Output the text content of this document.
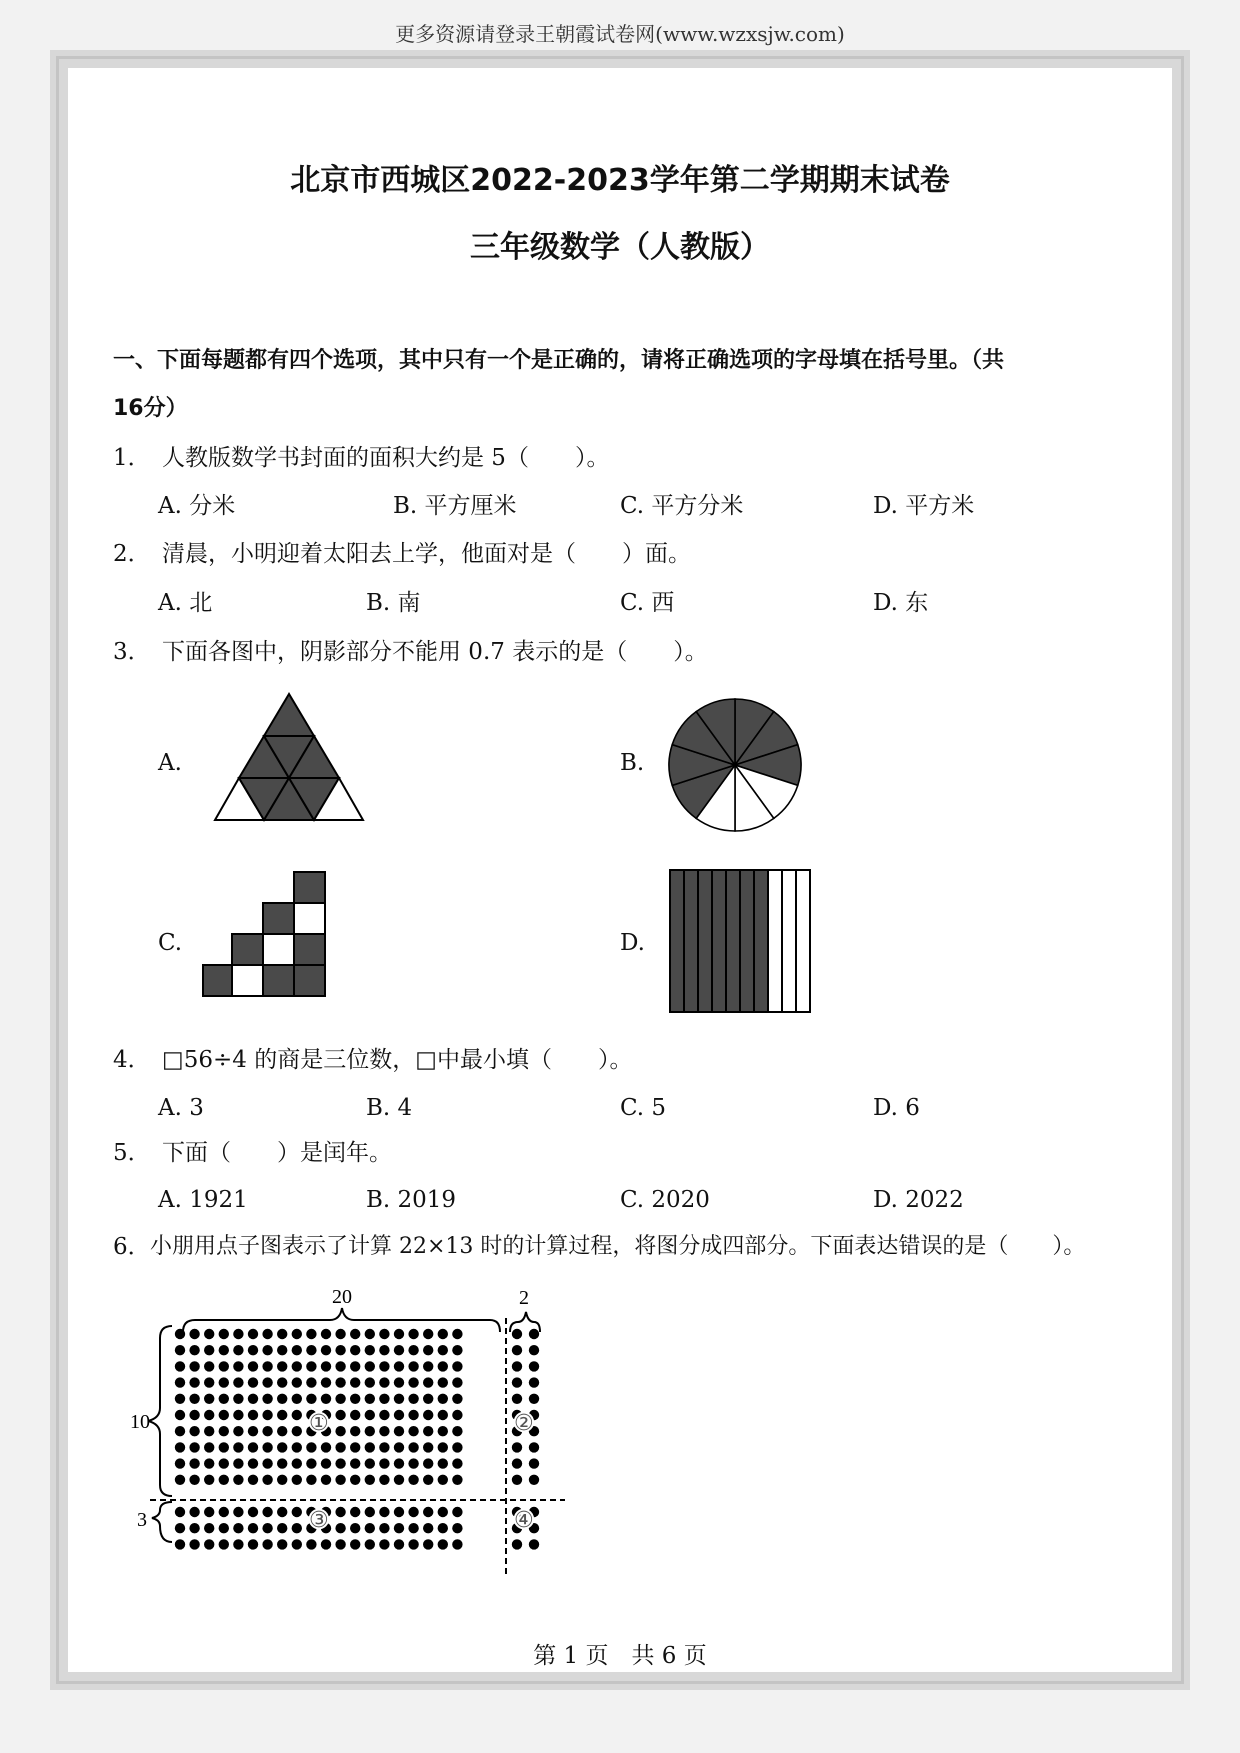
更多资源请登录王朝霞试卷网(www.wzxsjw.com)
北京市西城区2022-2023学年第二学期期末试卷
三年级数学（人教版）
一、下面每题都有四个选项，其中只有一个是正确的，请将正确选项的字母填在括号里。（共
16分）
1． 人教版数学书封面的面积大约是 5（　　）。
A. 分米	B. 平方厘米	C. 平方分米	D. 平方米
2． 清晨，小明迎着太阳去上学，他面对是（　　）面。
A. 北	B. 南	C. 西	D. 东
3． 下面各图中，阴影部分不能用 0.7 表示的是（　　）。
A.	B.
C.	D.
4． □56÷4 的商是三位数，□中最小填（　　）。
A. 3	B. 4	C. 5	D. 6
5． 下面（　　）是闰年。
A. 1921	B. 2019	C. 2020	D. 2022
6． 小朋用点子图表示了计算 22×13 时的计算过程，将图分成四部分。下面表达错误的是（　　）。
20	2
10
3
①	②
③	④
第 1 页　共 6 页
